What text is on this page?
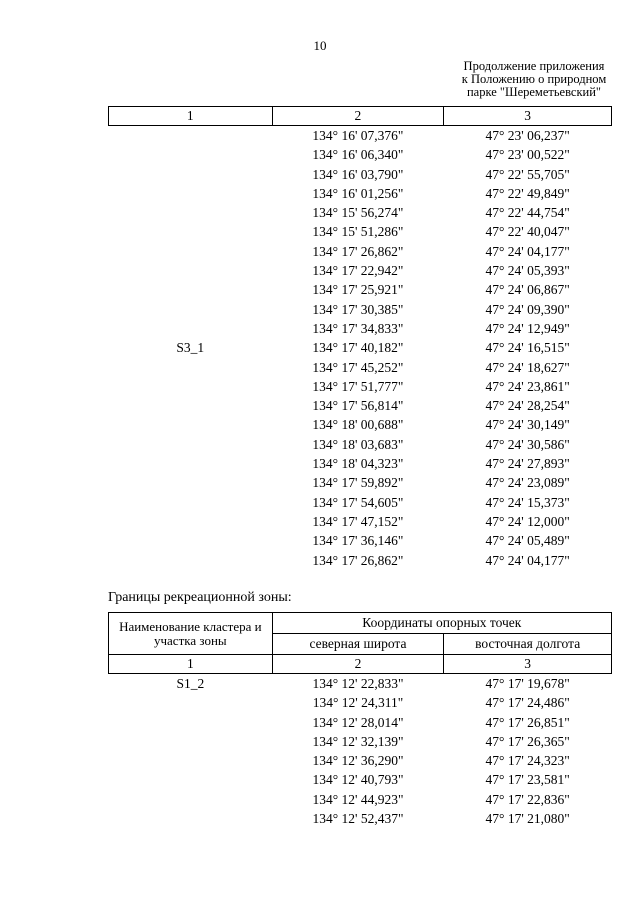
10
Продолжение приложения
к Положению о природном
парке "Шереметьевский"
1	2	3
S3_1	134° 16' 07,376"	47° 23' 06,237"
	134° 16' 06,340"	47° 23' 00,522"
	134° 16' 03,790"	47° 22' 55,705"
	134° 16' 01,256"	47° 22' 49,849"
	134° 15' 56,274"	47° 22' 44,754"
	134° 15' 51,286"	47° 22' 40,047"
	134° 17' 26,862"	47° 24' 04,177"
	134° 17' 22,942"	47° 24' 05,393"
	134° 17' 25,921"	47° 24' 06,867"
	134° 17' 30,385"	47° 24' 09,390"
	134° 17' 34,833"	47° 24' 12,949"
	134° 17' 40,182"	47° 24' 16,515"
	134° 17' 45,252"	47° 24' 18,627"
	134° 17' 51,777"	47° 24' 23,861"
	134° 17' 56,814"	47° 24' 28,254"
	134° 18' 00,688"	47° 24' 30,149"
	134° 18' 03,683"	47° 24' 30,586"
	134° 18' 04,323"	47° 24' 27,893"
	134° 17' 59,892"	47° 24' 23,089"
	134° 17' 54,605"	47° 24' 15,373"
	134° 17' 47,152"	47° 24' 12,000"
	134° 17' 36,146"	47° 24' 05,489"
	134° 17' 26,862"	47° 24' 04,177"
Границы рекреационной зоны:
Наименование кластера и участка зоны	Координаты опорных точек	
	северная широта	восточная долгота
1	2	3
S1_2	134° 12' 22,833"	47° 17' 19,678"
	134° 12' 24,311"	47° 17' 24,486"
	134° 12' 28,014"	47° 17' 26,851"
	134° 12' 32,139"	47° 17' 26,365"
	134° 12' 36,290"	47° 17' 24,323"
	134° 12' 40,793"	47° 17' 23,581"
	134° 12' 44,923"	47° 17' 22,836"
	134° 12' 52,437"	47° 17' 21,080"
